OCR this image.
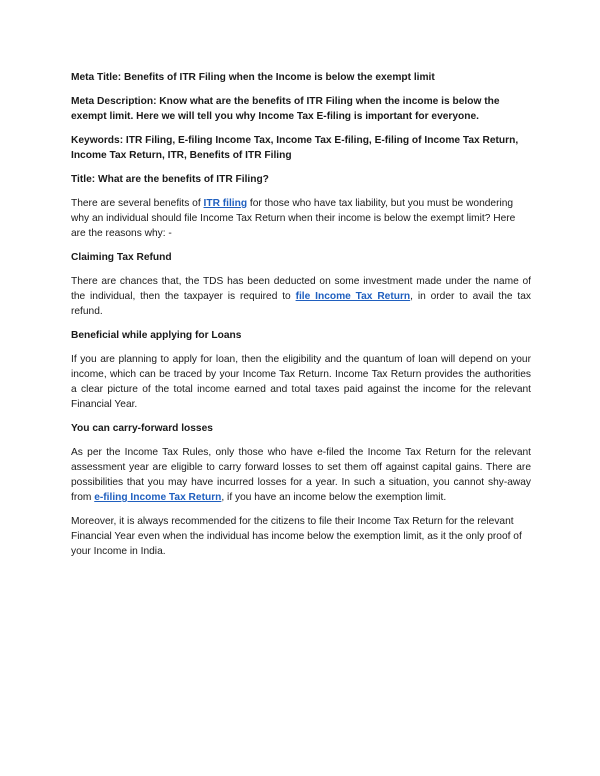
Meta Title: Benefits of ITR Filing when the Income is below the exempt limit

Meta Description: Know what are the benefits of ITR Filing when the income is below the exempt limit. Here we will tell you why Income Tax E-filing is important for everyone.

Keywords: ITR Filing, E-filing Income Tax, Income Tax E-filing, E-filing of Income Tax Return, Income Tax Return, ITR, Benefits of ITR Filing

Title: What are the benefits of ITR Filing?

There are several benefits of ITR filing for those who have tax liability, but you must be wondering why an individual should file Income Tax Return when their income is below the exempt limit? Here are the reasons why: -

Claiming Tax Refund

There are chances that, the TDS has been deducted on some investment made under the name of the individual, then the taxpayer is required to file Income Tax Return, in order to avail the tax refund.

Beneficial while applying for Loans

If you are planning to apply for loan, then the eligibility and the quantum of loan will depend on your income, which can be traced by your Income Tax Return. Income Tax Return provides the authorities a clear picture of the total income earned and total taxes paid against the income for the relevant Financial Year.

You can carry-forward losses

As per the Income Tax Rules, only those who have e-filed the Income Tax Return for the relevant assessment year are eligible to carry forward losses to set them off against capital gains. There are possibilities that you may have incurred losses for a year. In such a situation, you cannot shy-away from e-filing Income Tax Return, if you have an income below the exemption limit.

Moreover, it is always recommended for the citizens to file their Income Tax Return for the relevant Financial Year even when the individual has income below the exemption limit, as it the only proof of your Income in India.
